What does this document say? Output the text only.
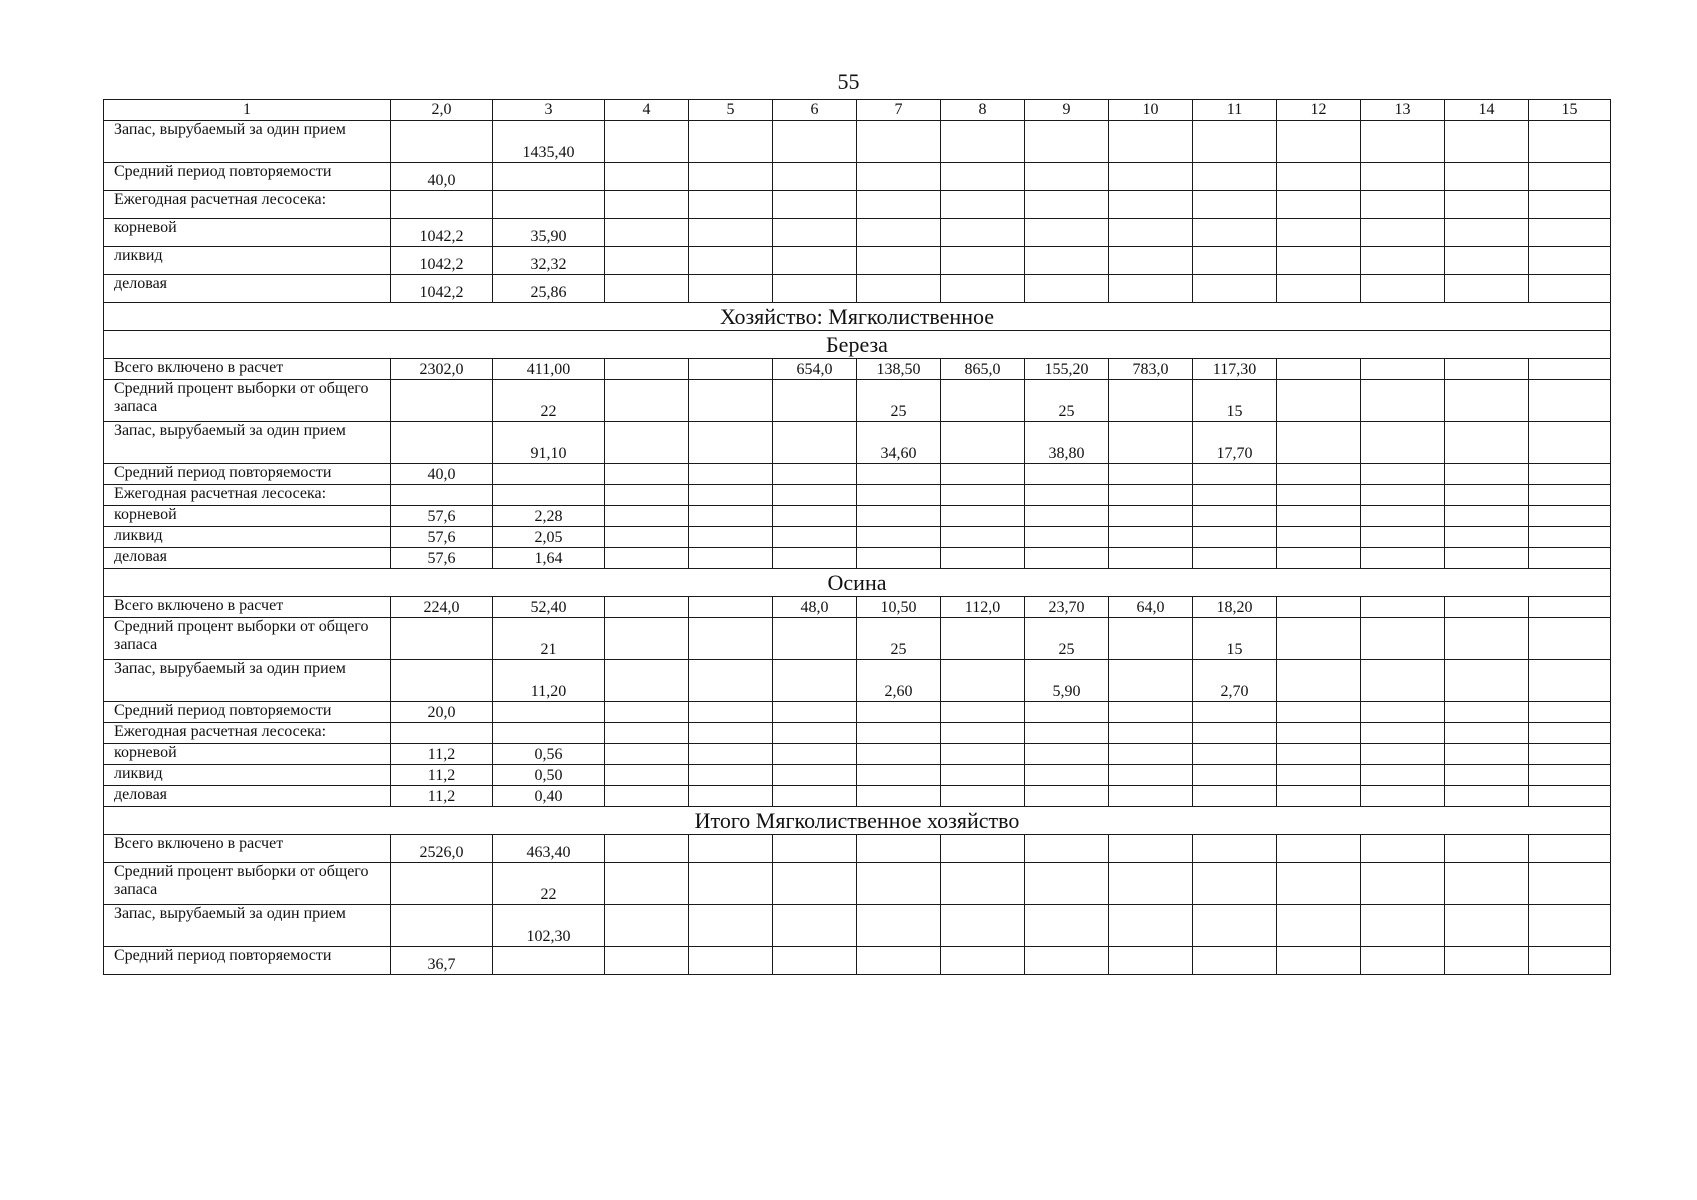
55
1	2,0	3	4	5	6	7	8	9	10	11	12	13	14	15
Запас, вырубаемый за один прием		1435,40												
Средний период повторяемости	40,0													
Ежегодная расчетная лесосека:														
корневой	1042,2	35,90												
ликвид	1042,2	32,32												
деловая	1042,2	25,86												
Хозяйство: Мягколиственное														
Береза														
Всего включено в расчет	2302,0	411,00			654,0	138,50	865,0	155,20	783,0	117,30				
Средний процент выборки от общего запаса		22				25		25		15				
Запас, вырубаемый за один прием		91,10				34,60		38,80		17,70				
Средний период повторяемости	40,0													
Ежегодная расчетная лесосека:														
корневой	57,6	2,28												
ликвид	57,6	2,05												
деловая	57,6	1,64												
Осина														
Всего включено в расчет	224,0	52,40			48,0	10,50	112,0	23,70	64,0	18,20				
Средний процент выборки от общего запаса		21				25		25		15				
Запас, вырубаемый за один прием		11,20				2,60		5,90		2,70				
Средний период повторяемости	20,0													
Ежегодная расчетная лесосека:														
корневой	11,2	0,56												
ликвид	11,2	0,50												
деловая	11,2	0,40												
Итого Мягколиственное хозяйство														
Всего включено в расчет	2526,0	463,40												
Средний процент выборки от общего запаса		22												
Запас, вырубаемый за один прием		102,30												
Средний период повторяемости	36,7													
